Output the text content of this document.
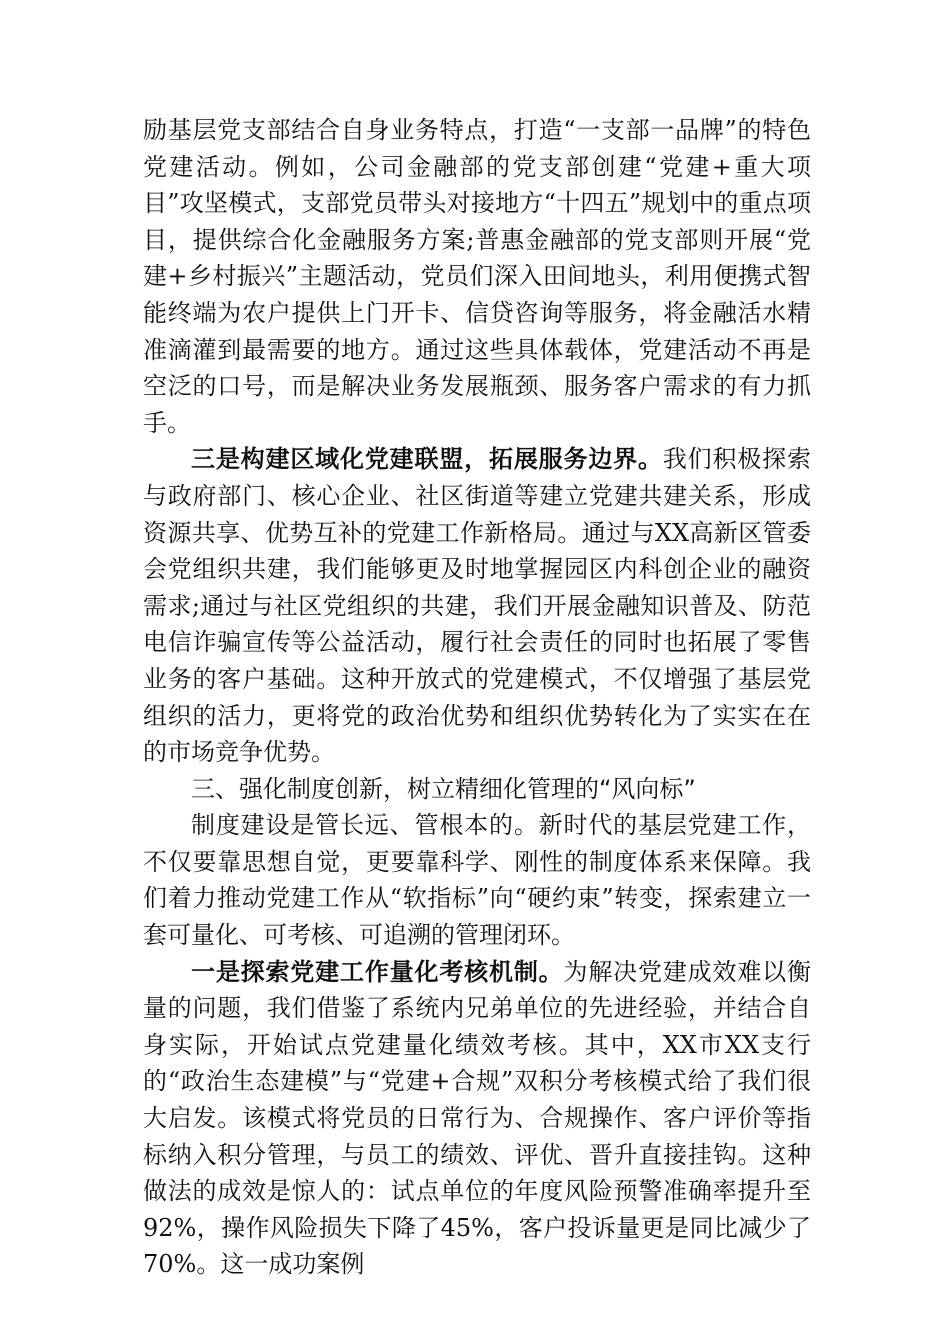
励基层党支部结合自身业务特点，打造“一支部一品牌”的特色党建活动。例如，公司金融部的党支部创建“党建+重大项目”攻坚模式，支部党员带头对接地方“十四五”规划中的重点项目，提供综合化金融服务方案;普惠金融部的党支部则开展“党建+乡村振兴”主题活动，党员们深入田间地头，利用便携式智能终端为农户提供上门开卡、信贷咨询等服务，将金融活水精准滴灌到最需要的地方。通过这些具体载体，党建活动不再是空泛的口号，而是解决业务发展瓶颈、服务客户需求的有力抓手。

三是构建区域化党建联盟，拓展服务边界。我们积极探索与政府部门、核心企业、社区街道等建立党建共建关系，形成资源共享、优势互补的党建工作新格局。通过与XX高新区管委会党组织共建，我们能够更及时地掌握园区内科创企业的融资需求;通过与社区党组织的共建，我们开展金融知识普及、防范电信诈骗宣传等公益活动，履行社会责任的同时也拓展了零售业务的客户基础。这种开放式的党建模式，不仅增强了基层党组织的活力，更将党的政治优势和组织优势转化为了实实在在的市场竞争优势。

三、强化制度创新，树立精细化管理的“风向标”

制度建设是管长远、管根本的。新时代的基层党建工作，不仅要靠思想自觉，更要靠科学、刚性的制度体系来保障。我们着力推动党建工作从“软指标”向“硬约束”转变，探索建立一套可量化、可考核、可追溯的管理闭环。

一是探索党建工作量化考核机制。为解决党建成效难以衡量的问题，我们借鉴了系统内兄弟单位的先进经验，并结合自身实际，开始试点党建量化绩效考核。其中，XX市XX支行的“政治生态建模”与“党建+合规”双积分考核模式给了我们很大启发。该模式将党员的日常行为、合规操作、客户评价等指标纳入积分管理，与员工的绩效、评优、晋升直接挂钩。这种做法的成效是惊人的：试点单位的年度风险预警准确率提升至92%，操作风险损失下降了45%，客户投诉量更是同比减少了70%。这一成功案例
